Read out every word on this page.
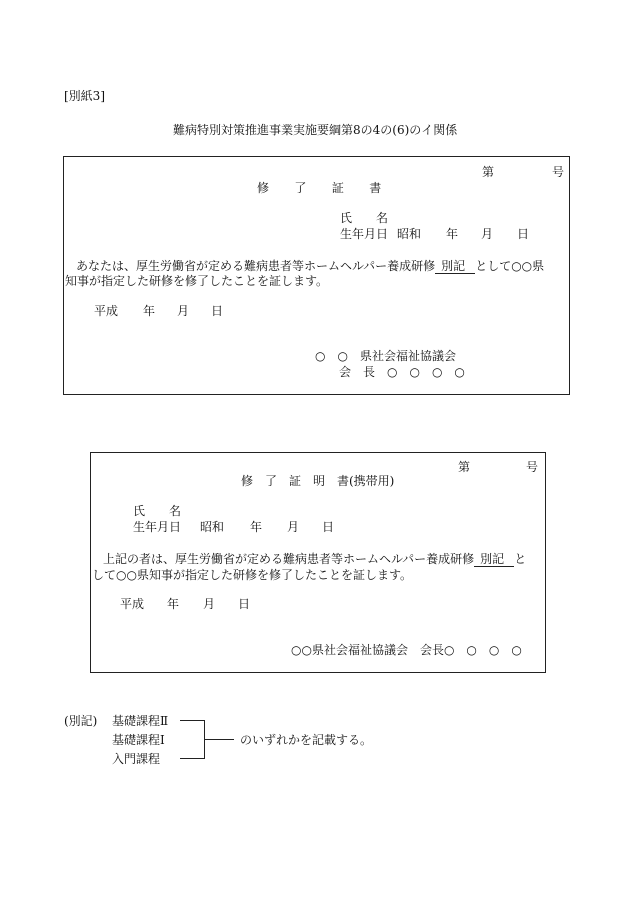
[別紙3]
難病特別対策推進事業実施要綱第8の4の(6)のイ関係
第	号
修 了 証 書
氏　　名
生年月日 昭和 年 月 日
あなたは、厚生労働省が定める難病患者等ホームヘルパー養成研修 別記 として○○県
知事が指定した研修を修了したことを証します。
平成 年 月 日
○　○　県社会福祉協議会
会　長　○　○　○　○
第	号
修　了　証　明　書(携帯用)
氏　　名
生年月日 昭和 年 月 日
上記の者は、厚生労働省が定める難病患者等ホームヘルパー養成研修 別記 と
して○○県知事が指定した研修を修了したことを証します。
平成 年 月 日
○○県社会福祉協議会　会長○　○　○　○
(別記) 基礎課程Ⅱ
基礎課程Ⅰ
入門課程
のいずれかを記載する。
